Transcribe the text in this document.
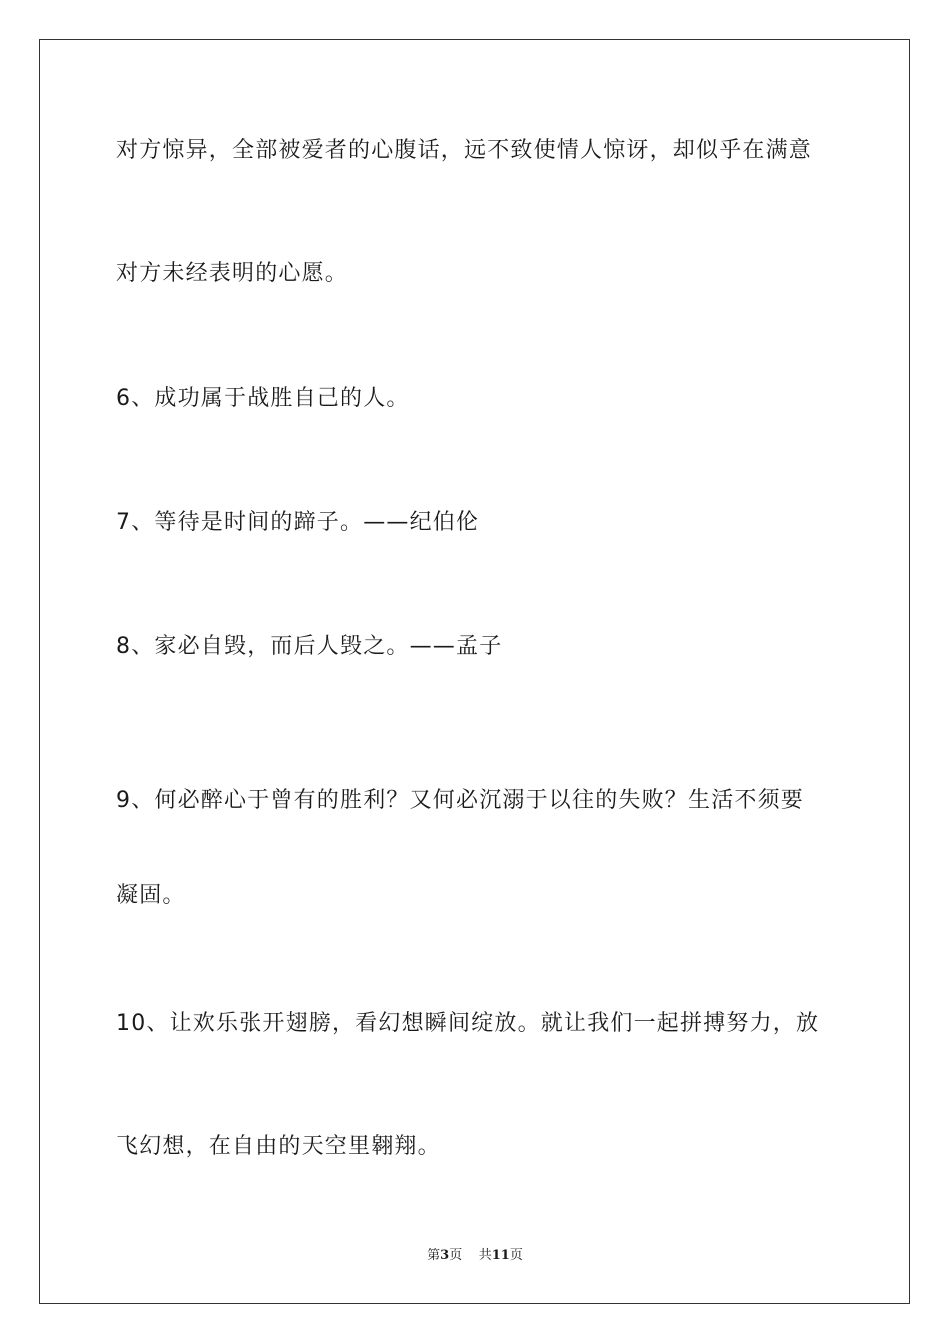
对方惊异，全部被爱者的心腹话，远不致使情人惊讶，却似乎在满意
对方未经表明的心愿。
6、成功属于战胜自己的人。
7、等待是时间的蹄子。——纪伯伦
8、家必自毁，而后人毁之。——孟子
9、何必醉心于曾有的胜利？又何必沉溺于以往的失败？生活不须要
凝固。
10、让欢乐张开翅膀，看幻想瞬间绽放。就让我们一起拼搏努力，放
飞幻想，在自由的天空里翱翔。
第3页 共11页
